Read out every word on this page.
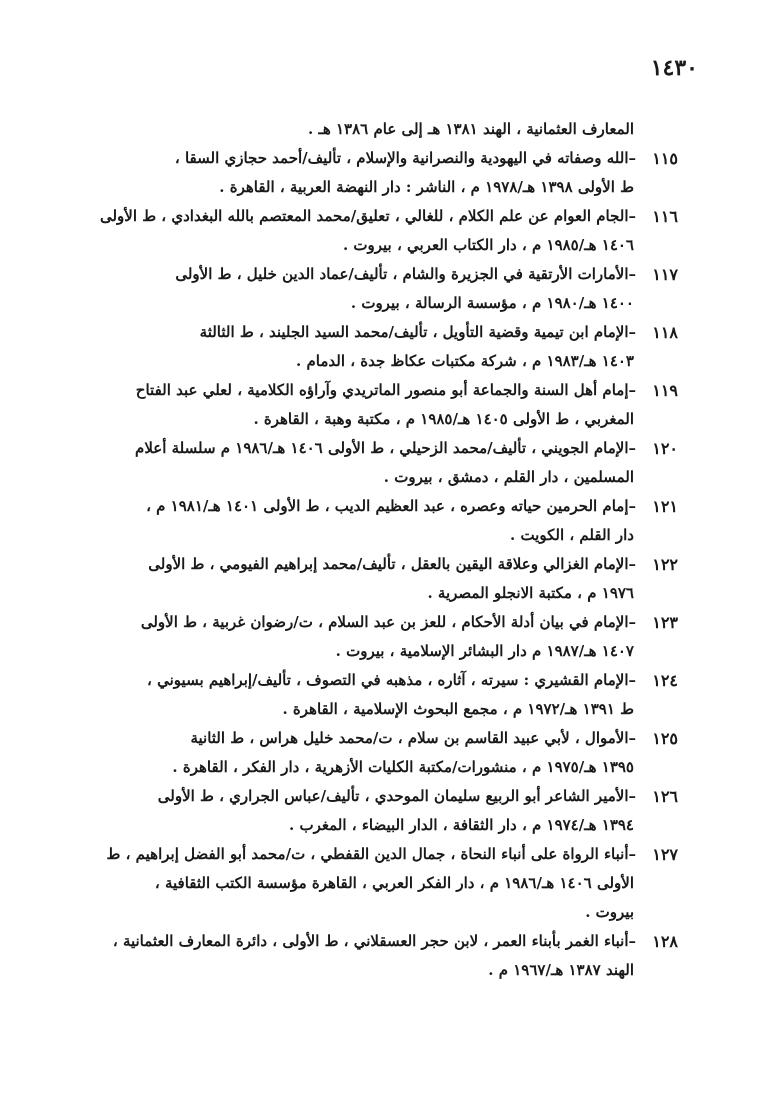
١٤٣٠
المعارف العثمانية ، الهند ١٣٨١ هـ إلى عام ١٣٨٦ هـ .
١١٥
–الله وصفاته في اليهودية والنصرانية والإسلام ، تأليف/أحمد حجازي السقا ،
ط الأولى ١٣٩٨ هـ/١٩٧٨ م ، الناشر : دار النهضة العربية ، القاهرة .
١١٦
–الجام العوام عن علم الكلام ، للغالي ، تعليق/محمد المعتصم بالله البغدادي ، ط الأولى
١٤٠٦ هـ/١٩٨٥ م ، دار الكتاب العربي ، بيروت .
١١٧
–الأمارات الأرتقية في الجزيرة والشام ، تأليف/عماد الدين خليل ، ط الأولى
١٤٠٠ هـ/١٩٨٠ م ، مؤسسة الرسالة ، بيروت .
١١٨
–الإمام ابن تيمية وقضية التأويل ، تأليف/محمد السيد الجليند ، ط الثالثة
١٤٠٣ هـ/١٩٨٣ م ، شركة مكتبات عكاظ جدة ، الدمام .
١١٩
–إمام أهل السنة والجماعة أبو منصور الماتريدي وآراؤه الكلامية ، لعلي عبد الفتاح
المغربي ، ط الأولى ١٤٠٥ هـ/١٩٨٥ م ، مكتبة وهبة ، القاهرة .
١٢٠
–الإمام الجويني ، تأليف/محمد الزحيلي ، ط الأولى ١٤٠٦ هـ/١٩٨٦ م سلسلة أعلام
المسلمين ، دار القلم ، دمشق ، بيروت .
١٢١
–إمام الحرمين حياته وعصره ، عبد العظيم الديب ، ط الأولى ١٤٠١ هـ/١٩٨١ م ،
دار القلم ، الكويت .
١٢٢
–الإمام الغزالي وعلاقة اليقين بالعقل ، تأليف/محمد إبراهيم الفيومي ، ط الأولى
١٩٧٦ م ، مكتبة الانجلو المصرية .
١٢٣
–الإمام في بيان أدلة الأحكام ، للعز بن عبد السلام ، ت/رضوان غربية ، ط الأولى
١٤٠٧ هـ/١٩٨٧ م دار البشائر الإسلامية ، بيروت .
١٢٤
–الإمام القشيري : سيرته ، آثاره ، مذهبه في التصوف ، تأليف/إبراهيم بسيوني ،
ط ١٣٩١ هـ/١٩٧٢ م ، مجمع البحوث الإسلامية ، القاهرة .
١٢٥
–الأموال ، لأبي عبيد القاسم بن سلام ، ت/محمد خليل هراس ، ط الثانية
١٣٩٥ هـ/١٩٧٥ م ، منشورات/مكتبة الكليات الأزهرية ، دار الفكر ، القاهرة .
١٢٦
–الأمير الشاعر أبو الربيع سليمان الموحدي ، تأليف/عباس الجراري ، ط الأولى
١٣٩٤ هـ/١٩٧٤ م ، دار الثقافة ، الدار البيضاء ، المغرب .
١٢٧
–أنباء الرواة على أنباء النحاة ، جمال الدين القفطي ، ت/محمد أبو الفضل إبراهيم ، ط
الأولى ١٤٠٦ هـ/١٩٨٦ م ، دار الفكر العربي ، القاهرة مؤسسة الكتب الثقافية ،
بيروت .
١٢٨
–أنباء الغمر بأبناء العمر ، لابن حجر العسقلاني ، ط الأولى ، دائرة المعارف العثمانية ،
الهند ١٣٨٧ هـ/١٩٦٧ م .
